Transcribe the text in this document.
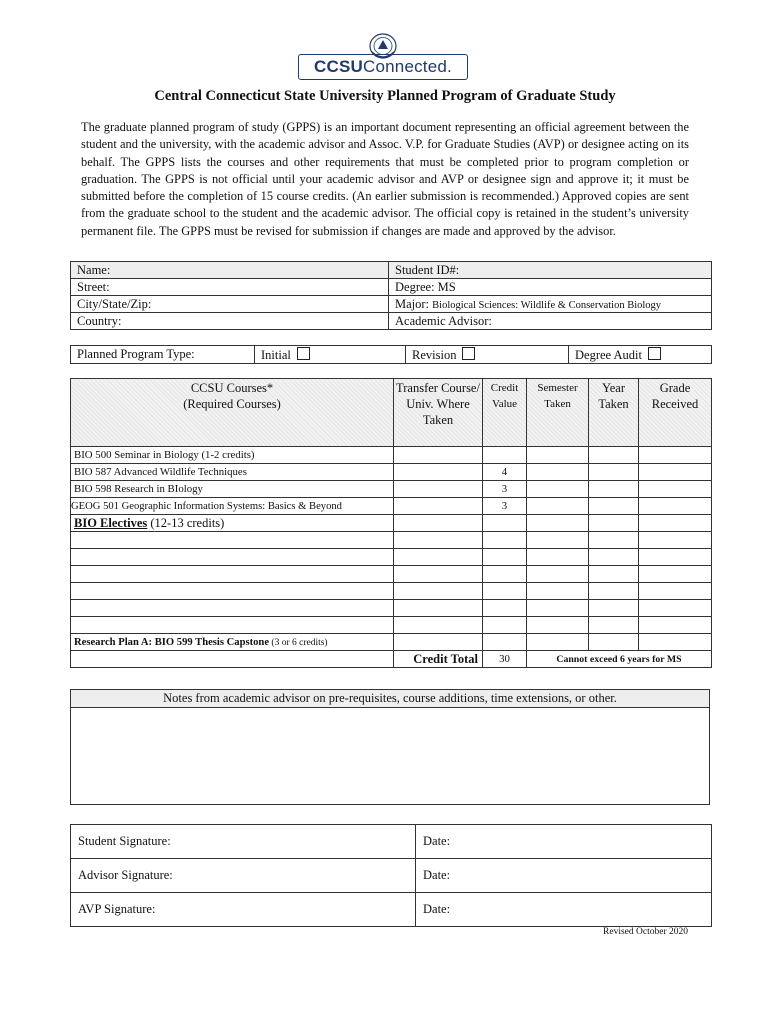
CCSU Connected.
Central Connecticut State University Planned Program of Graduate Study
The graduate planned program of study (GPPS) is an important document representing an official agreement between the student and the university, with the academic advisor and Assoc. V.P. for Graduate Studies (AVP) or designee acting on its behalf. The GPPS lists the courses and other requirements that must be completed prior to program completion or graduation. The GPPS is not official until your academic advisor and AVP or designee sign and approve it; it must be submitted before the completion of 15 course credits. (An earlier submission is recommended.) Approved copies are sent from the graduate school to the student and the academic advisor. The official copy is retained in the student’s university permanent file. The GPPS must be revised for submission if changes are made and approved by the advisor.
Name:	Student ID#:
Street:	Degree: MS
City/State/Zip:	Major: Biological Sciences: Wildlife & Conservation Biology
Country:	Academic Advisor:
Planned Program Type:	Initial	Revision	Degree Audit
CCSU Courses*
(Required Courses)	Transfer Course/ Univ. Where Taken	Credit Value	Semester Taken	Year Taken	Grade Received
BIO 500 Seminar in Biology (1-2 credits)					
BIO 587 Advanced Wildlife Techniques		4			
BIO 598 Research in BIology		3			
GEOG 501 Geographic Information Systems: Basics & Beyond		3			
BIO Electives (12-13 credits)					

Research Plan A: BIO 599 Thesis Capstone (3 or 6 credits)					
	Credit Total	30	Cannot exceed 6 years for MS		
Notes from academic advisor on pre-requisites, course additions, time extensions, or other.
Student Signature:	Date:
Advisor Signature:	Date:
AVP Signature:	Date:
Revised October 2020
